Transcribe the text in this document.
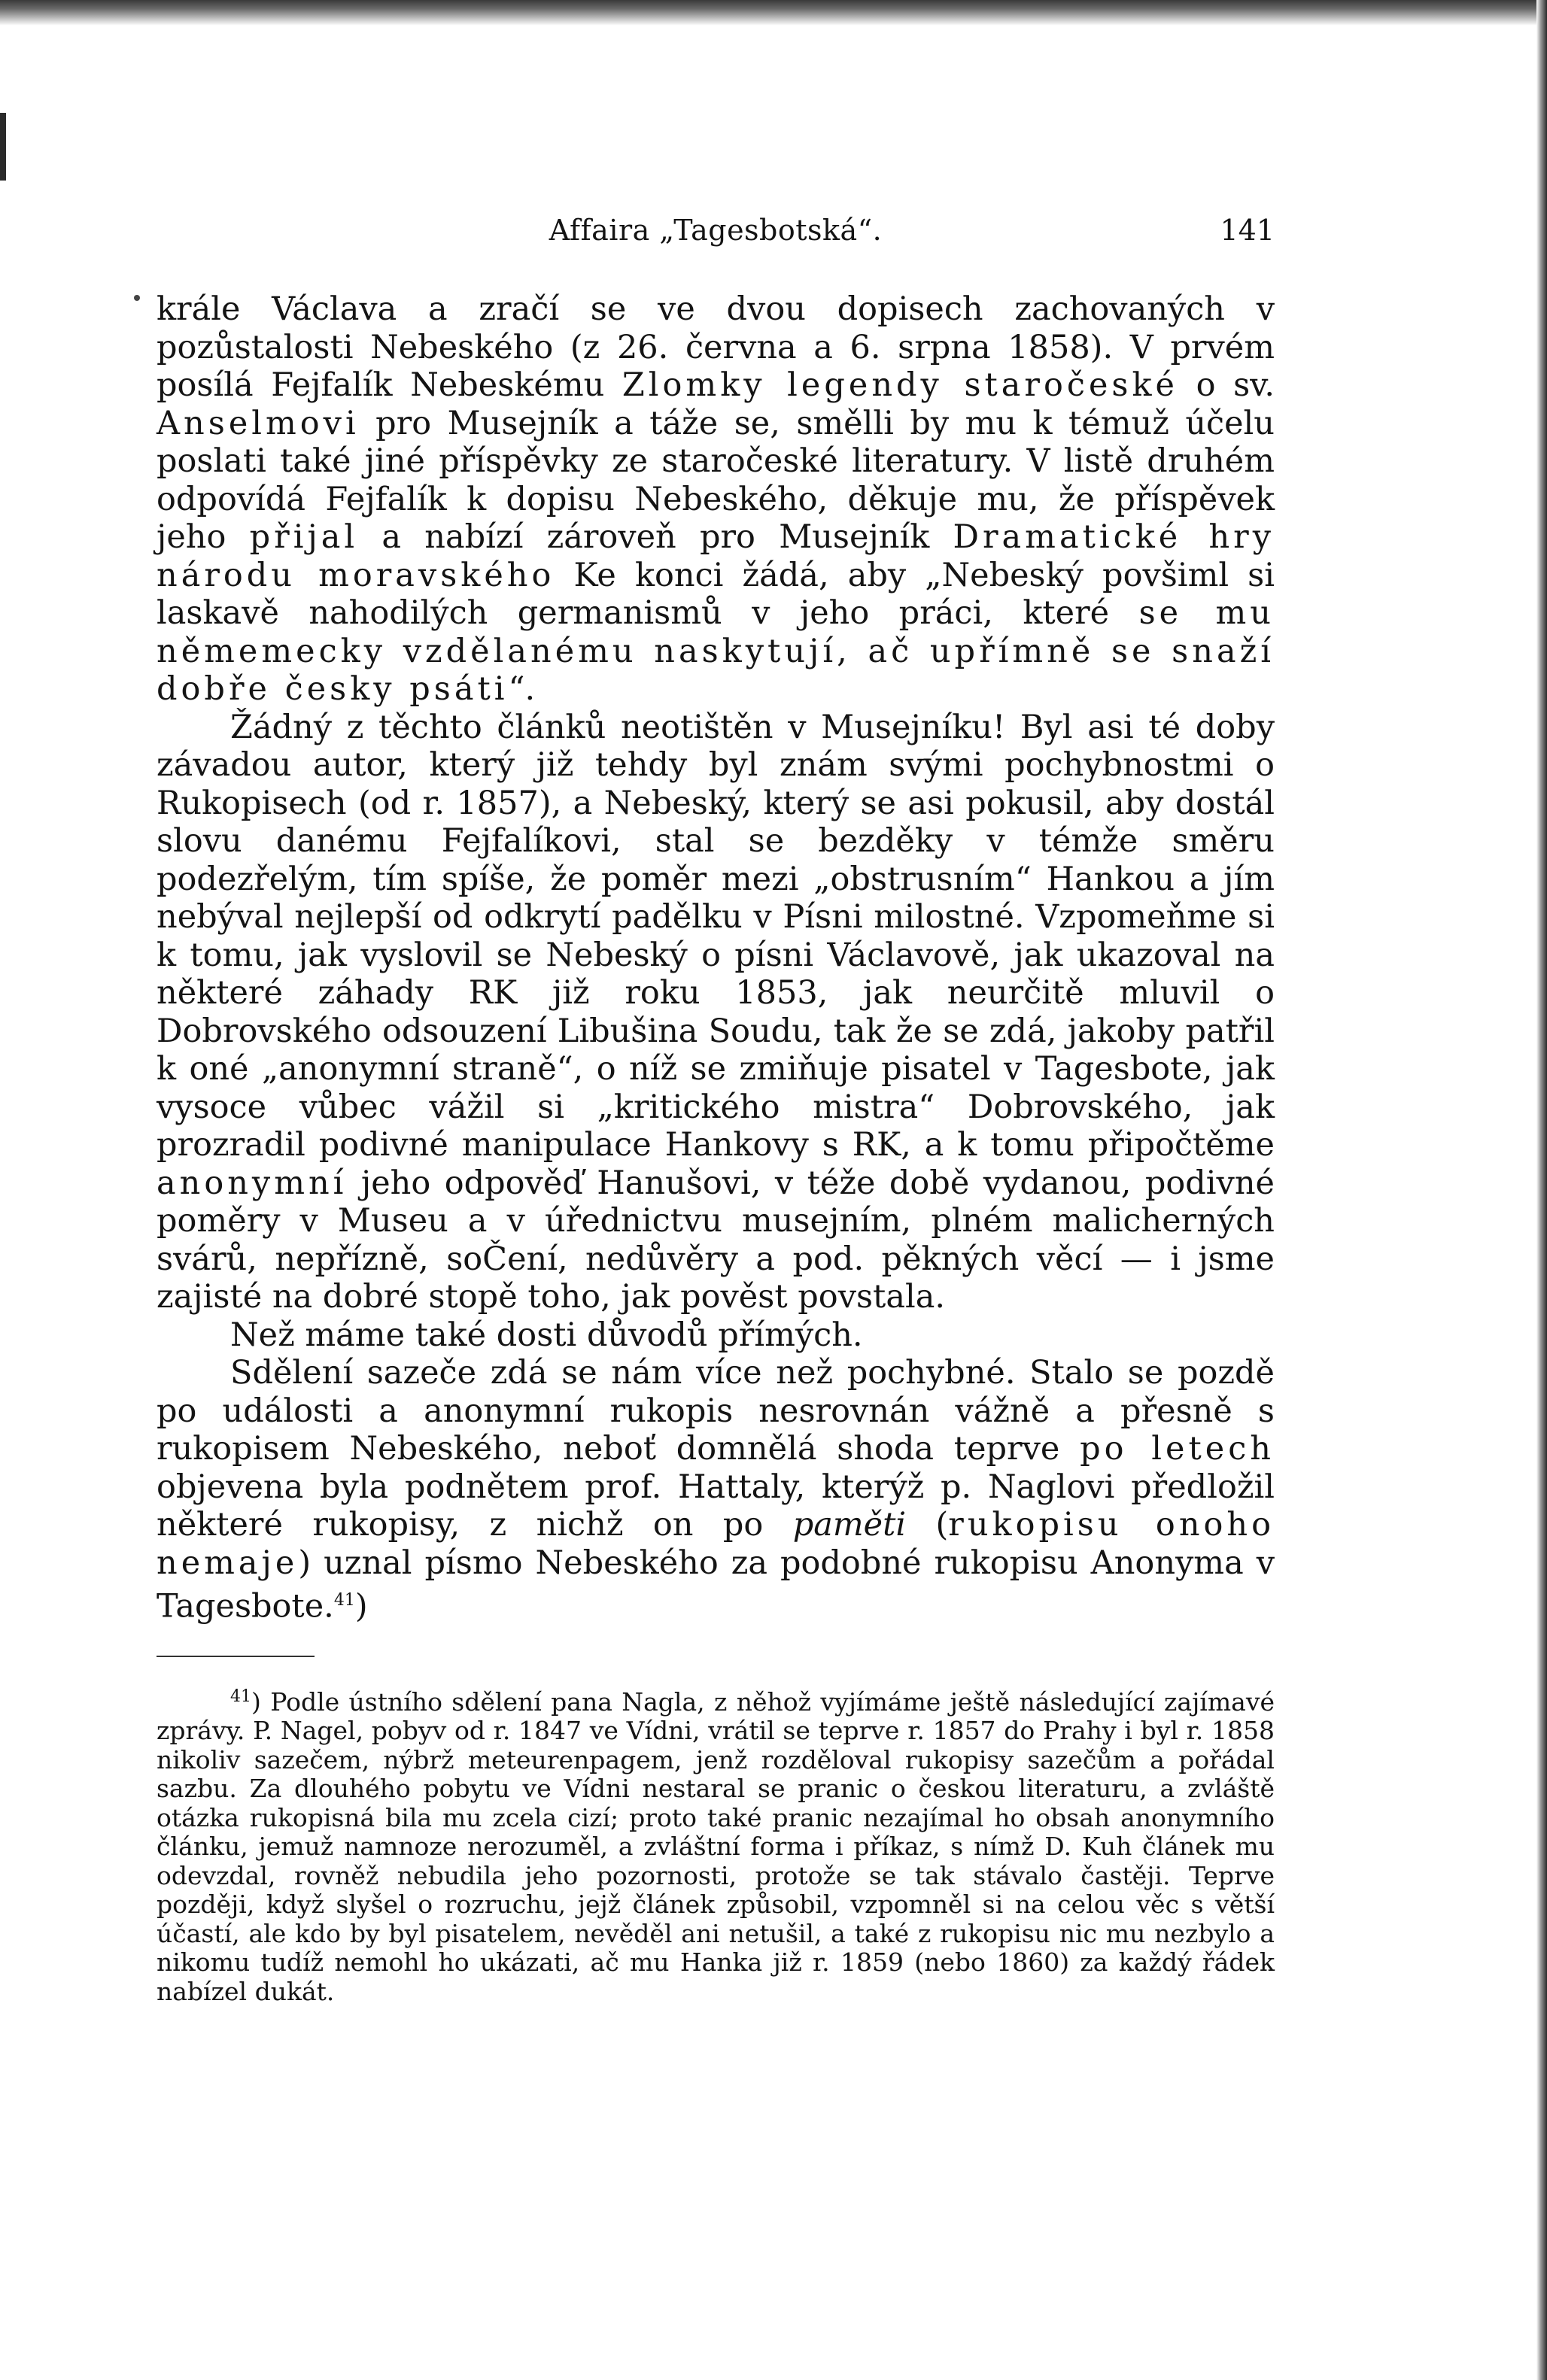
Affaira „Tagesbotská“.	141

krále Václava a zračí se ve dvou dopisech zachovaných v pozůstalosti Nebeského (z 26. června a 6. srpna 1858). V prvém posílá Fejfalík Nebeskému Zlomky legendy staročeské o sv. Anselmovi pro Musejník a táže se, smělli by mu k témuž účelu poslati také jiné příspěvky ze staročeské literatury. V listě druhém odpovídá Fejfalík k dopisu Nebeského, děkuje mu, že příspěvek jeho přijal a nabízí zároveň pro Musejník Dramatické hry národu moravského Ke konci žádá, aby „Nebeský povšiml si laskavě nahodilých germanismů v jeho práci, které se mu němemecky vzdělanému naskytují, ač upřímně se snaží dobře česky psáti“.

Žádný z těchto článků neotištěn v Musejníku! Byl asi té doby závadou autor, který již tehdy byl znám svými pochybnostmi o Rukopisech (od r. 1857), a Nebeský, který se asi pokusil, aby dostál slovu danému Fejfalíkovi, stal se bezděky v témže směru podezřelým, tím spíše, že poměr mezi „obstrusním“ Hankou a jím nebýval nejlepší od odkrytí padělku v Písni milostné. Vzpomeňme si k tomu, jak vyslovil se Nebeský o písni Václavově, jak ukazoval na některé záhady RK již roku 1853, jak neurčitě mluvil o Dobrovského odsouzení Libušina Soudu, tak že se zdá, jakoby patřil k oné „anonymní straně“, o níž se zmiňuje pisatel v Tagesbote, jak vysoce vůbec vážil si „kritického mistra“ Dobrovského, jak prozradil podivné manipulace Hankovy s RK, a k tomu připočtěme anonymní jeho odpověď Hanušovi, v téže době vydanou, podivné poměry v Museu a v úřednictvu musejním, plném malicherných svárů, nepřízně, soČení, nedůvěry a pod. pěkných věcí — i jsme zajisté na dobré stopě toho, jak pověst povstala.

Než máme také dosti důvodů přímých.

Sdělení sazeče zdá se nám více než pochybné. Stalo se pozdě po události a anonymní rukopis nesrovnán vážně a přesně s rukopisem Nebeského, neboť domnělá shoda teprve po letech objevena byla podnětem prof. Hattaly, kterýž p. Naglovi předložil některé rukopisy, z nichž on po paměti (rukopisu onoho nemaje) uznal písmo Nebeského za podobné rukopisu Anonyma v Tagesbote.$^{41}$)

$^{41}$) Podle ústního sdělení pana Nagla, z něhož vyjímáme ještě následující zajímavé zprávy. P. Nagel, pobyv od r. 1847 ve Vídni, vrátil se teprve r. 1857 do Prahy i byl r. 1858 nikoliv sazečem, nýbrž meteurenpagem, jenž rozděloval rukopisy sazečům a pořádal sazbu. Za dlouhého pobytu ve Vídni nestaral se pranic o českou literaturu, a zvláště otázka rukopisná bila mu zcela cizí; proto také pranic nezajímal ho obsah anonymního článku, jemuž namnoze nerozuměl, a zvláštní forma i příkaz, s nímž D. Kuh článek mu odevzdal, rovněž nebudila jeho pozornosti, protože se tak stávalo častěji. Teprve později, když slyšel o rozruchu, jejž článek způsobil, vzpomněl si na celou věc s větší účastí, ale kdo by byl pisatelem, nevěděl ani netušil, a také z rukopisu nic mu nezbylo a nikomu tudíž nemohl ho ukázati, ač mu Hanka již r. 1859 (nebo 1860) za každý řádek nabízel dukát.
